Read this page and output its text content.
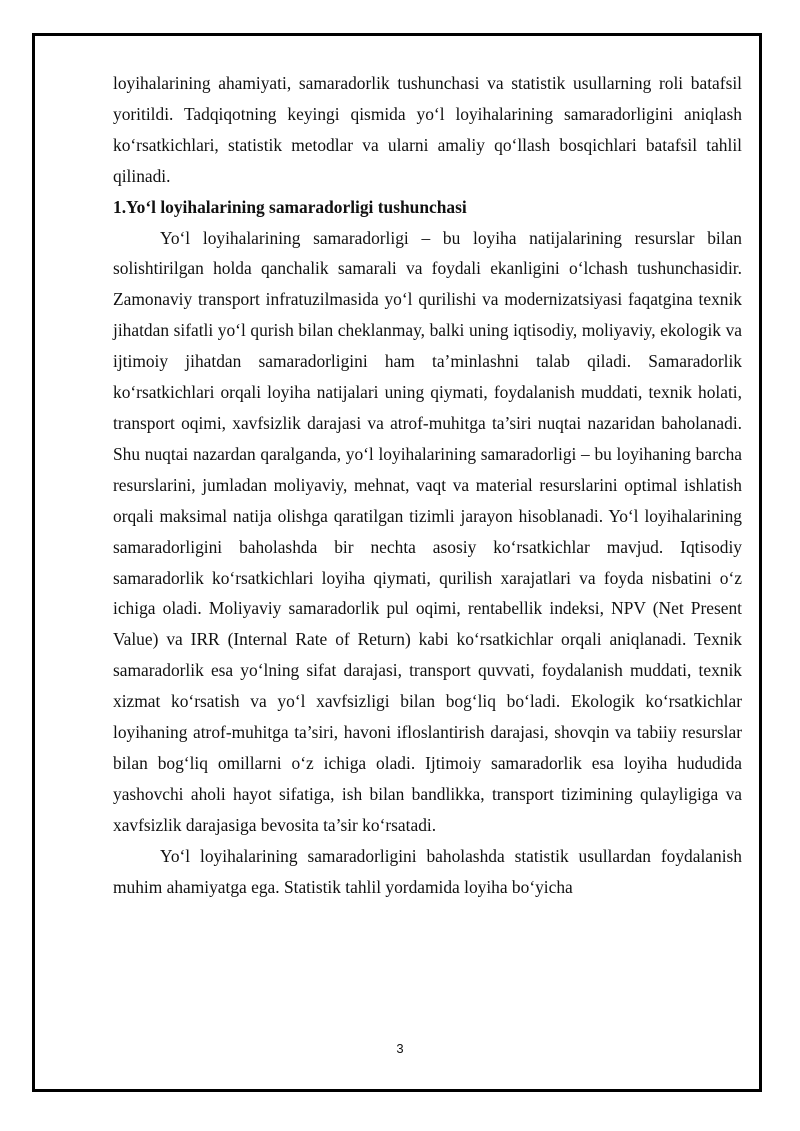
loyihalarining ahamiyati, samaradorlik tushunchasi va statistik usullarning roli batafsil yoritildi. Tadqiqotning keyingi qismida yo‘l loyihalarining samaradorligini aniqlash ko‘rsatkichlari, statistik metodlar va ularni amaliy qo‘llash bosqichlari batafsil tahlil qilinadi.

1.Yo‘l loyihalarining samaradorligi tushunchasi

Yo‘l loyihalarining samaradorligi – bu loyiha natijalarining resurslar bilan solishtirilgan holda qanchalik samarali va foydali ekanligini o‘lchash tushunchasidir. Zamonaviy transport infratuzilmasida yo‘l qurilishi va modernizatsiyasi faqatgina texnik jihatdan sifatli yo‘l qurish bilan cheklanmay, balki uning iqtisodiy, moliyaviy, ekologik va ijtimoiy jihatdan samaradorligini ham ta’minlashni talab qiladi. Samaradorlik ko‘rsatkichlari orqali loyiha natijalari uning qiymati, foydalanish muddati, texnik holati, transport oqimi, xavfsizlik darajasi va atrof-muhitga ta’siri nuqtai nazaridan baholanadi. Shu nuqtai nazardan qaralganda, yo‘l loyihalarining samaradorligi – bu loyihaning barcha resurslarini, jumladan moliyaviy, mehnat, vaqt va material resurslarini optimal ishlatish orqali maksimal natija olishga qaratilgan tizimli jarayon hisoblanadi. Yo‘l loyihalarining samaradorligini baholashda bir nechta asosiy ko‘rsatkichlar mavjud. Iqtisodiy samaradorlik ko‘rsatkichlari loyiha qiymati, qurilish xarajatlari va foyda nisbatini o‘z ichiga oladi. Moliyaviy samaradorlik pul oqimi, rentabellik indeksi, NPV (Net Present Value) va IRR (Internal Rate of Return) kabi ko‘rsatkichlar orqali aniqlanadi. Texnik samaradorlik esa yo‘lning sifat darajasi, transport quvvati, foydalanish muddati, texnik xizmat ko‘rsatish va yo‘l xavfsizligi bilan bog‘liq bo‘ladi. Ekologik ko‘rsatkichlar loyihaning atrof-muhitga ta’siri, havoni ifloslantirish darajasi, shovqin va tabiiy resurslar bilan bog‘liq omillarni o‘z ichiga oladi. Ijtimoiy samaradorlik esa loyiha hududida yashovchi aholi hayot sifatiga, ish bilan bandlikka, transport tizimining qulayligiga va xavfsizlik darajasiga bevosita ta’sir ko‘rsatadi.

Yo‘l loyihalarining samaradorligini baholashda statistik usullardan foydalanish muhim ahamiyatga ega. Statistik tahlil yordamida loyiha bo‘yicha

3
